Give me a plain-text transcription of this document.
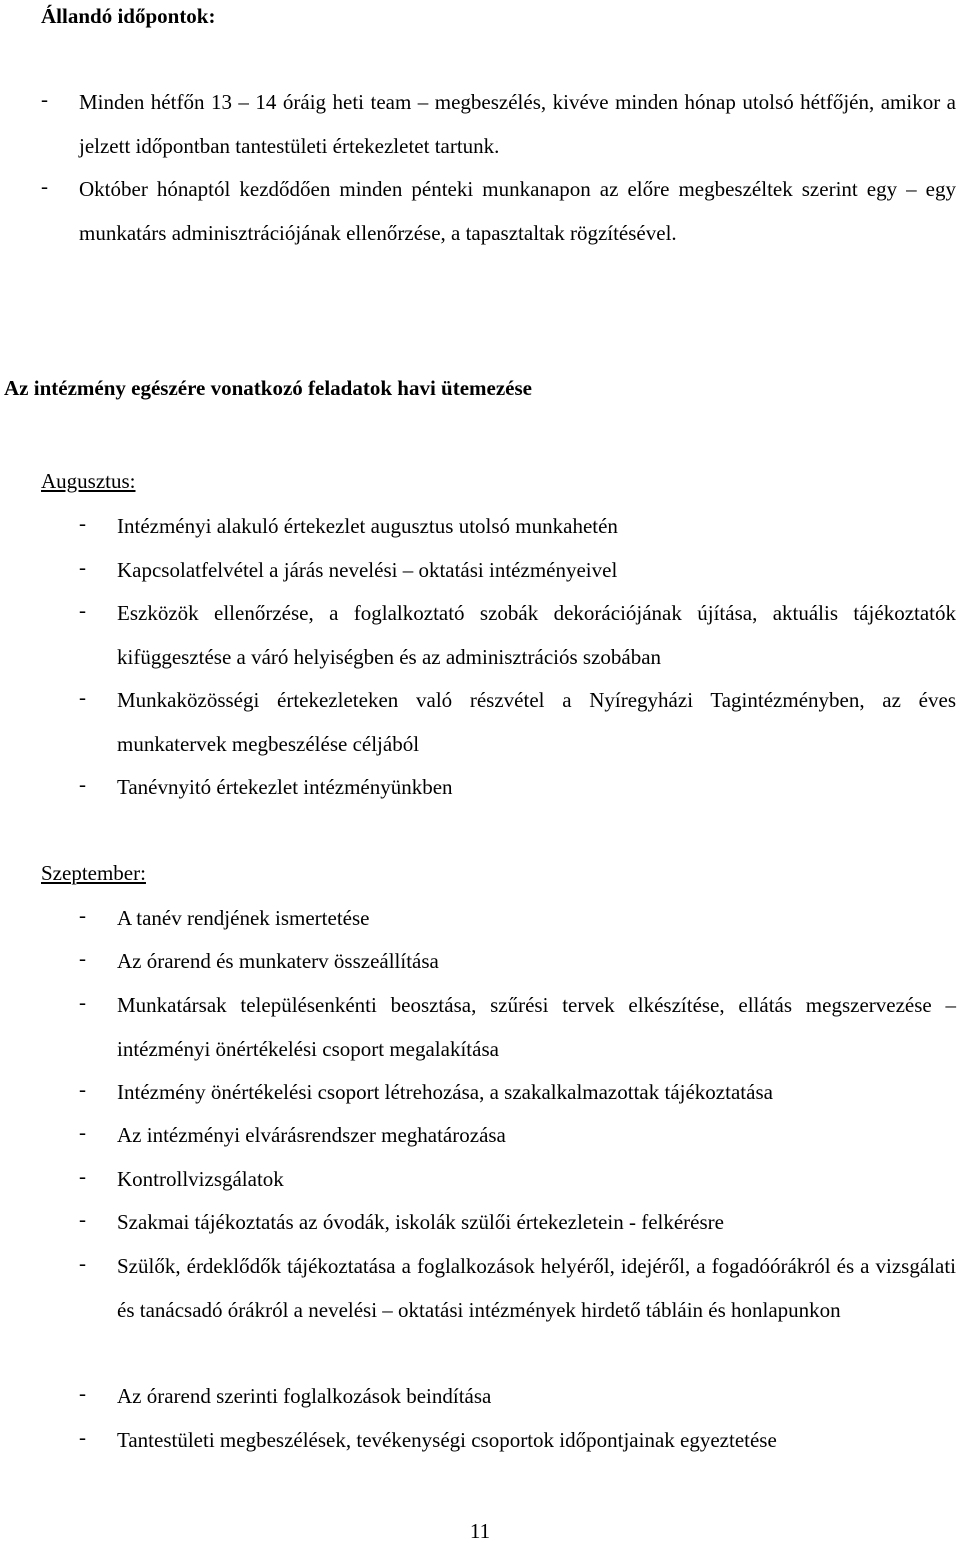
Állandó időpontok:
- Minden hétfőn 13 – 14 óráig heti team – megbeszélés, kivéve minden hónap utolsó hétfőjén, amikor a jelzett időpontban tantestületi értekezletet tartunk.
- Október hónaptól kezdődően minden pénteki munkanapon az előre megbeszéltek szerint egy – egy munkatárs adminisztrációjának ellenőrzése, a tapasztaltak rögzítésével.
Az intézmény egészére vonatkozó feladatok havi ütemezése
Augusztus:
- Intézményi alakuló értekezlet augusztus utolsó munkahetén
- Kapcsolatfelvétel a járás nevelési – oktatási intézményeivel
- Eszközök ellenőrzése, a foglalkoztató szobák dekorációjának újítása, aktuális tájékoztatók kifüggesztése a váró helyiségben és az adminisztrációs szobában
- Munkaközösségi értekezleteken való részvétel a Nyíregyházi Tagintézményben, az éves munkatervek megbeszélése céljából
- Tanévnyitó értekezlet intézményünkben
Szeptember:
- A tanév rendjének ismertetése
- Az órarend és munkaterv összeállítása
- Munkatársak településenkénti beosztása, szűrési tervek elkészítése, ellátás megszervezése – intézményi önértékelési csoport megalakítása
- Intézmény önértékelési csoport létrehozása, a szakalkalmazottak tájékoztatása
- Az intézményi elvárásrendszer meghatározása
- Kontrollvizsgálatok
- Szakmai tájékoztatás az óvodák, iskolák szülői értekezletein - felkérésre
- Szülők, érdeklődők tájékoztatása a foglalkozások helyéről, idejéről, a fogadóórákról és a vizsgálati és tanácsadó órákról a nevelési – oktatási intézmények hirdető tábláin és honlapunkon
- Az órarend szerinti foglalkozások beindítása
- Tantestületi megbeszélések, tevékenységi csoportok időpontjainak egyeztetése
11
